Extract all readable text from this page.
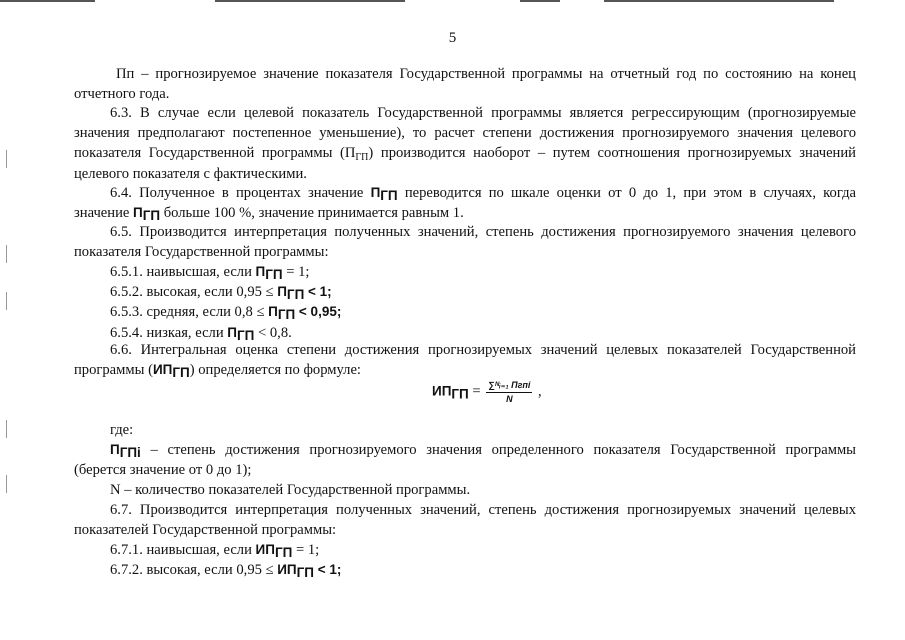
5
Пп – прогнозируемое значение показателя Государственной программы на отчетный год по состоянию на конец
отчетного года.
6.3. В случае если целевой показатель Государственной программы является регрессирующим (прогнозируемые
значения предполагают постепенное уменьшение), то расчет степени достижения прогнозируемого значения целевого
показателя Государственной программы $(П_{ГП})$ производится наоборот – путем соотношения прогнозируемых значений
целевого показателя с фактическими.
6.4. Полученное в процентах значение $П_{ГП}$ переводится по шкале оценки от 0 до 1, при этом в случаях, когда
значение $П_{ГП}$ больше 100 %, значение принимается равным 1.
6.5. Производится интерпретация полученных значений, степень достижения прогнозируемого значения целевого
показателя Государственной программы:
6.5.1. наивысшая, если $П_{ГП} = 1$;
6.5.2. высокая, если $0,95 \le П_{ГП} < 1$;
6.5.3. средняя, если $0,8 \le П_{ГП} < 0,95$;
6.5.4. низкая, если $П_{ГП} < 0,8$.
6.6. Интегральная оценка степени достижения прогнозируемых значений целевых показателей Государственной
программы $(ИП_{ГП})$ определяется по формуле:
$ИП_{ГП} = \frac{\text{∑ᴺᵢ₌₁ Пгпi}}{N}$ ,
где:
$П_{ГПi}$ – степень достижения прогнозируемого значения определенного показателя Государственной программы
(берется значение от 0 до 1);
N – количество показателей Государственной программы.
6.7. Производится интерпретация полученных значений, степень достижения прогнозируемых значений целевых
показателей Государственной программы:
6.7.1. наивысшая, если $ИП_{ГП} = 1$;
6.7.2. высокая, если $0,95 \le ИП_{ГП} < 1$;
